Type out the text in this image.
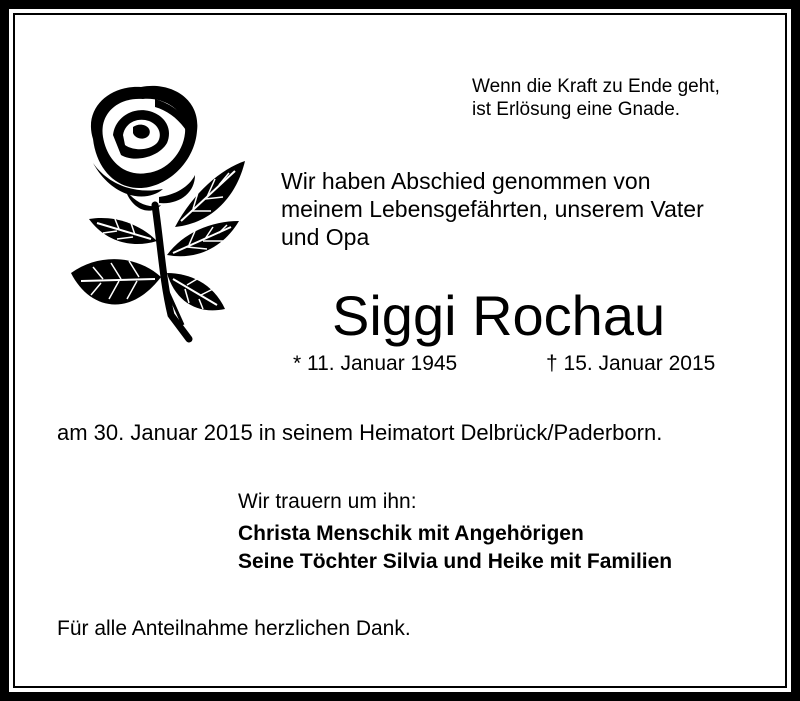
Wenn die Kraft zu Ende geht,
ist Erlösung eine Gnade.
Wir haben Abschied genommen von
meinem Lebensgefährten, unserem Vater
und Opa
Siggi Rochau
* 11. Januar 1945	† 15. Januar 2015
am 30. Januar 2015 in seinem Heimatort Delbrück/Paderborn.
Wir trauern um ihn:
Christa Menschik mit Angehörigen
Seine Töchter Silvia und Heike mit Familien
Für alle Anteilnahme herzlichen Dank.
